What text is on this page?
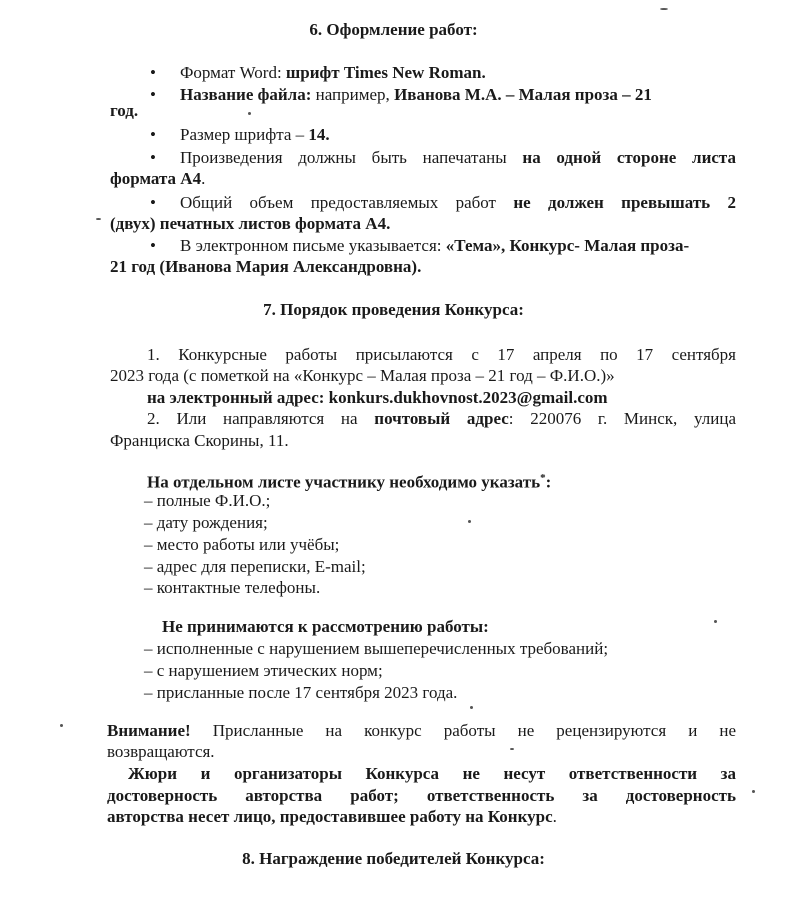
6. Оформление работ:
• Формат Word: шрифт Times New Roman.
• Название файла: например, Иванова М.А. – Малая проза – 21
год.
• Размер шрифта – 14.
• Произведения должны быть напечатаны на одной стороне листа
формата А4.
• Общий объем предоставляемых работ не должен превышать 2
(двух) печатных листов формата А4.
• В электронном письме указывается: «Тема», Конкурс- Малая проза-
21 год (Иванова Мария Александровна).
7. Порядок проведения Конкурса:
1. Конкурсные работы присылаются с 17 апреля по 17 сентября
2023 года (с пометкой на «Конкурс – Малая проза – 21 год – Ф.И.О.)»
на электронный адрес: konkurs.dukhovnost.2023@gmail.com
2. Или направляются на почтовый адрес: 220076 г. Минск, улица
Франциска Скорины, 11.
На отдельном листе участнику необходимо указать*:
– полные Ф.И.О.;
– дату рождения;
– место работы или учёбы;
– адрес для переписки, E-mail;
– контактные телефоны.
Не принимаются к рассмотрению работы:
– исполненные с нарушением вышеперечисленных требований;
– с нарушением этических норм;
– присланные после 17 сентября 2023 года.
Внимание! Присланные на конкурс работы не рецензируются и не
возвращаются.
Жюри и организаторы Конкурса не несут ответственности за
достоверность авторства работ; ответственность за достоверность
авторства несет лицо, предоставившее работу на Конкурс.
8. Награждение победителей Конкурса:
